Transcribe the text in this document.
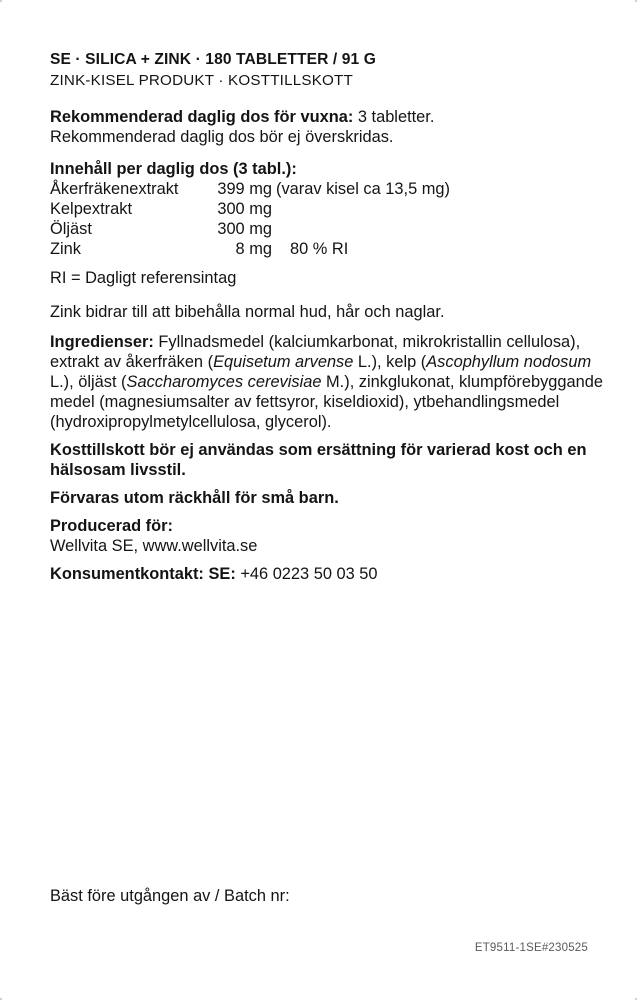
SE · SILICA + ZINK · 180 TABLETTER / 91 G
ZINK-KISEL PRODUKT · KOSTTILLSKOTT
Rekommenderad daglig dos för vuxna: 3 tabletter.
Rekommenderad daglig dos bör ej överskridas.
Innehåll per daglig dos (3 tabl.):
Åkerfräkenextrakt	399 mg (varav kisel ca 13,5 mg)
Kelpextrakt	300 mg
Öljäst	300 mg
Zink	8 mg	80 % RI
RI = Dagligt referensintag
Zink bidrar till att bibehålla normal hud, hår och naglar.
Ingredienser: Fyllnadsmedel (kalciumkarbonat, mikrokristallin cellulosa), extrakt av åkerfräken (Equisetum arvense L.), kelp (Ascophyllum nodosum L.), öljäst (Saccharomyces cerevisiae M.), zinkglukonat, klumpförebyggande medel (magnesiumsalter av fettsyror, kiseldioxid), ytbehandlingsmedel (hydroxipropylmetylcellulosa, glycerol).
Kosttillskott bör ej användas som ersättning för varierad kost och en hälsosam livsstil.
Förvaras utom räckhåll för små barn.
Producerad för:
Wellvita SE, www.wellvita.se
Konsumentkontakt: SE: +46 0223 50 03 50
Bäst före utgången av / Batch nr:
ET9511-1SE#230525
